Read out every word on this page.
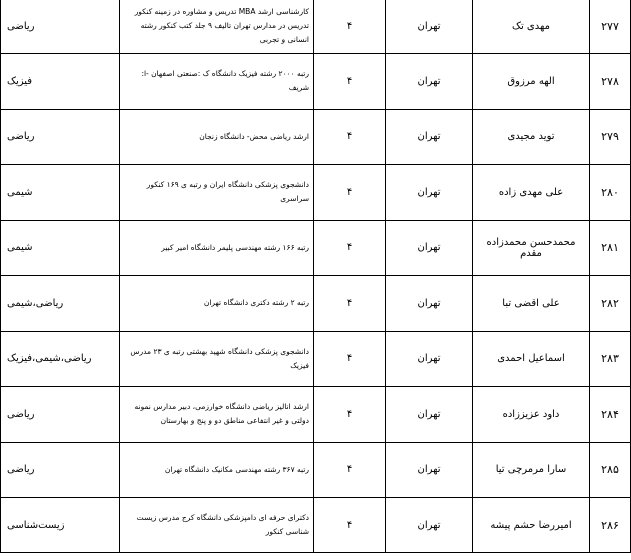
۲۷۷	مهدی تک	تهران	۴	کارشناسی ارشد MBA تدریس و مشاوره در زمینه کنکور تدریس در مدارس تهران تالیف ۹ جلد کتب کنکور رشته انسانی و تجربی	ریاضی
۲۷۸	الهه مرزوق	تهران	۴	رتبه ۲۰۰۰ رشته فیزیک دانشگاه ک :صنعتی اصفهان -ا: شریف	فیزیک
۲۷۹	توید مجیدی	تهران	۴	ارشد ریاضی محض- دانشگاه زنجان	ریاضی
۲۸۰	علی مهدی زاده	تهران	۴	دانشجوی پزشکی دانشگاه ایران و رتبه ی ۱۶۹ کنکور سراسری	شیمی
۲۸۱	محمدحسن محمدزاده مقدم	تهران	۴	رتبه ۱۶۶ رشته مهندسی پلیمر دانشگاه امیر کبیر	شیمی
۲۸۲	علی اقضی تبا	تهران	۴	رتبه ۲ رشته دکتری دانشگاه تهران	ریاضی،شیمی
۲۸۳	اسماعیل احمدی	تهران	۴	دانشجوی پزشکی دانشگاه شهید بهشتی رتبه ی ۲۳ مدرس فیزیک	ریاضی،شیمی،فیزیک
۲۸۴	داود عزیززاده	تهران	۴	ارشد اناليز رياضی دانشگاه خوارزمی، دبير مدارس نمونه دولتی و غير انتفاعی مناطق دو و پنج و بهارستان	ریاضی
۲۸۵	سارا مرمرچی تیا	تهران	۴	رتبه ۳۶۷ رشته مهندسی مکانیک دانشگاه تهران	ریاضی
۲۸۶	امیررضا حشم پیشه	تهران	۴	دکترای حرفه ای دامپزشکی دانشگاه کرج مدرس زیست شناسی کنکور	زیست‌شناسی
